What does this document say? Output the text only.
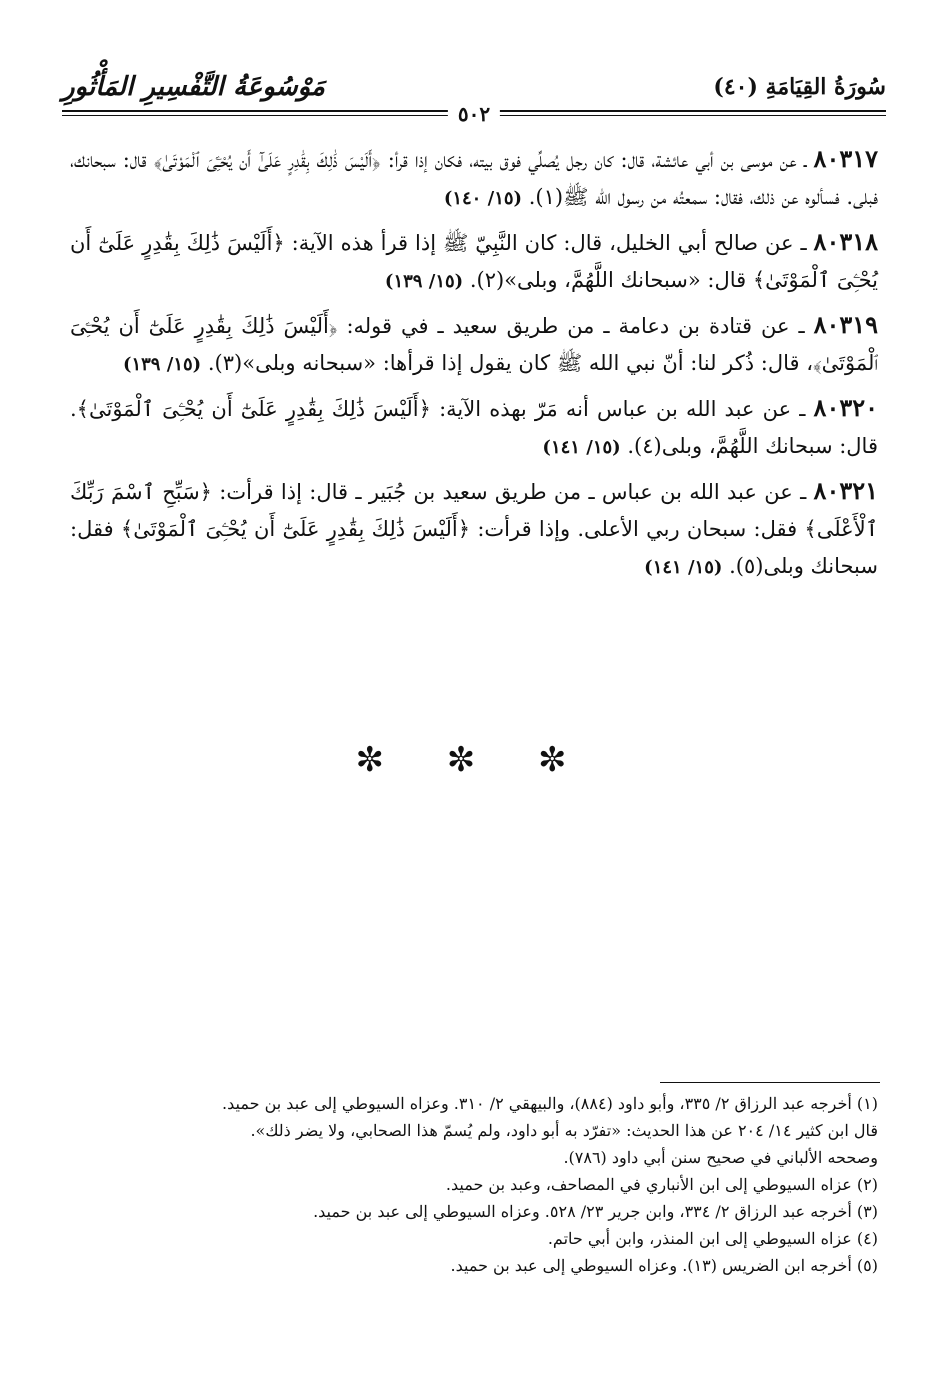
مَوْسُوعَةُ التَّفْسِيرِ المَأْثُورِ	سُورَةُ القِيَامَةِ (٤٠)
٥٠٢

٨٠٣١٧ ـ عن موسى بن أبي عائشة، قال: كان رجل يُصلِّي فوق بيته، فكان إذا قرأ: ﴿أَلَيْسَ ذَٰلِكَ بِقَٰدِرٍ عَلَىٰٓ أَن يُحْـِۧىَ ٱلْمَوْتَىٰ﴾ قال: سبحانك، فبلى. فسألوه عن ذلك، فقال: سمعتُه من رسول الله ﷺ(١). (١٥/ ١٤٠)

٨٠٣١٨ ـ عن صالح أبي الخليل، قال: كان النَّبِيّ ﷺ إذا قرأ هذه الآية: ﴿أَلَيْسَ ذَٰلِكَ بِقَٰدِرٍ عَلَىٰٓ أَن يُحْـِۧىَ ٱلْمَوْتَىٰ﴾ قال: «سبحانك اللَّهُمَّ، وبلى»(٢). (١٥/ ١٣٩)

٨٠٣١٩ ـ عن قتادة بن دعامة ـ من طريق سعيد ـ في قوله: ﴿أَلَيْسَ ذَٰلِكَ بِقَٰدِرٍ عَلَىٰٓ أَن يُحْـِۧىَ ٱلْمَوْتَىٰ﴾، قال: ذُكر لنا: أنّ نبي الله ﷺ كان يقول إذا قرأها: «سبحانه وبلى»(٣). (١٥/ ١٣٩)

٨٠٣٢٠ ـ عن عبد الله بن عباس أنه مَرّ بهذه الآية: ﴿أَلَيْسَ ذَٰلِكَ بِقَٰدِرٍ عَلَىٰٓ أَن يُحْـِۧىَ ٱلْمَوْتَىٰ﴾. قال: سبحانك اللَّهُمَّ، وبلى(٤). (١٥/ ١٤١)

٨٠٣٢١ ـ عن عبد الله بن عباس ـ من طريق سعيد بن جُبَير ـ قال: إذا قرأت: ﴿سَبِّحِ ٱسْمَ رَبِّكَ ٱلْأَعْلَى﴾ فقل: سبحان ربي الأعلى. وإذا قرأت: ﴿أَلَيْسَ ذَٰلِكَ بِقَٰدِرٍ عَلَىٰٓ أَن يُحْـِۧىَ ٱلْمَوْتَىٰ﴾ فقل: سبحانك وبلى(٥). (١٥/ ١٤١)

✼ ✼ ✼

(١) أخرجه عبد الرزاق ٢/ ٣٣٥، وأبو داود (٨٨٤)، والبيهقي ٢/ ٣١٠. وعزاه السيوطي إلى عبد بن حميد.

قال ابن كثير ١٤/ ٢٠٤ عن هذا الحديث: «تفرّد به أبو داود، ولم يُسمّ هذا الصحابي، ولا يضر ذلك».

وصححه الألباني في صحيح سنن أبي داود (٧٨٦).

(٢) عزاه السيوطي إلى ابن الأنباري في المصاحف، وعبد بن حميد.

(٣) أخرجه عبد الرزاق ٢/ ٣٣٤، وابن جرير ٢٣/ ٥٢٨. وعزاه السيوطي إلى عبد بن حميد.

(٤) عزاه السيوطي إلى ابن المنذر، وابن أبي حاتم.

(٥) أخرجه ابن الضريس (١٣). وعزاه السيوطي إلى عبد بن حميد.
